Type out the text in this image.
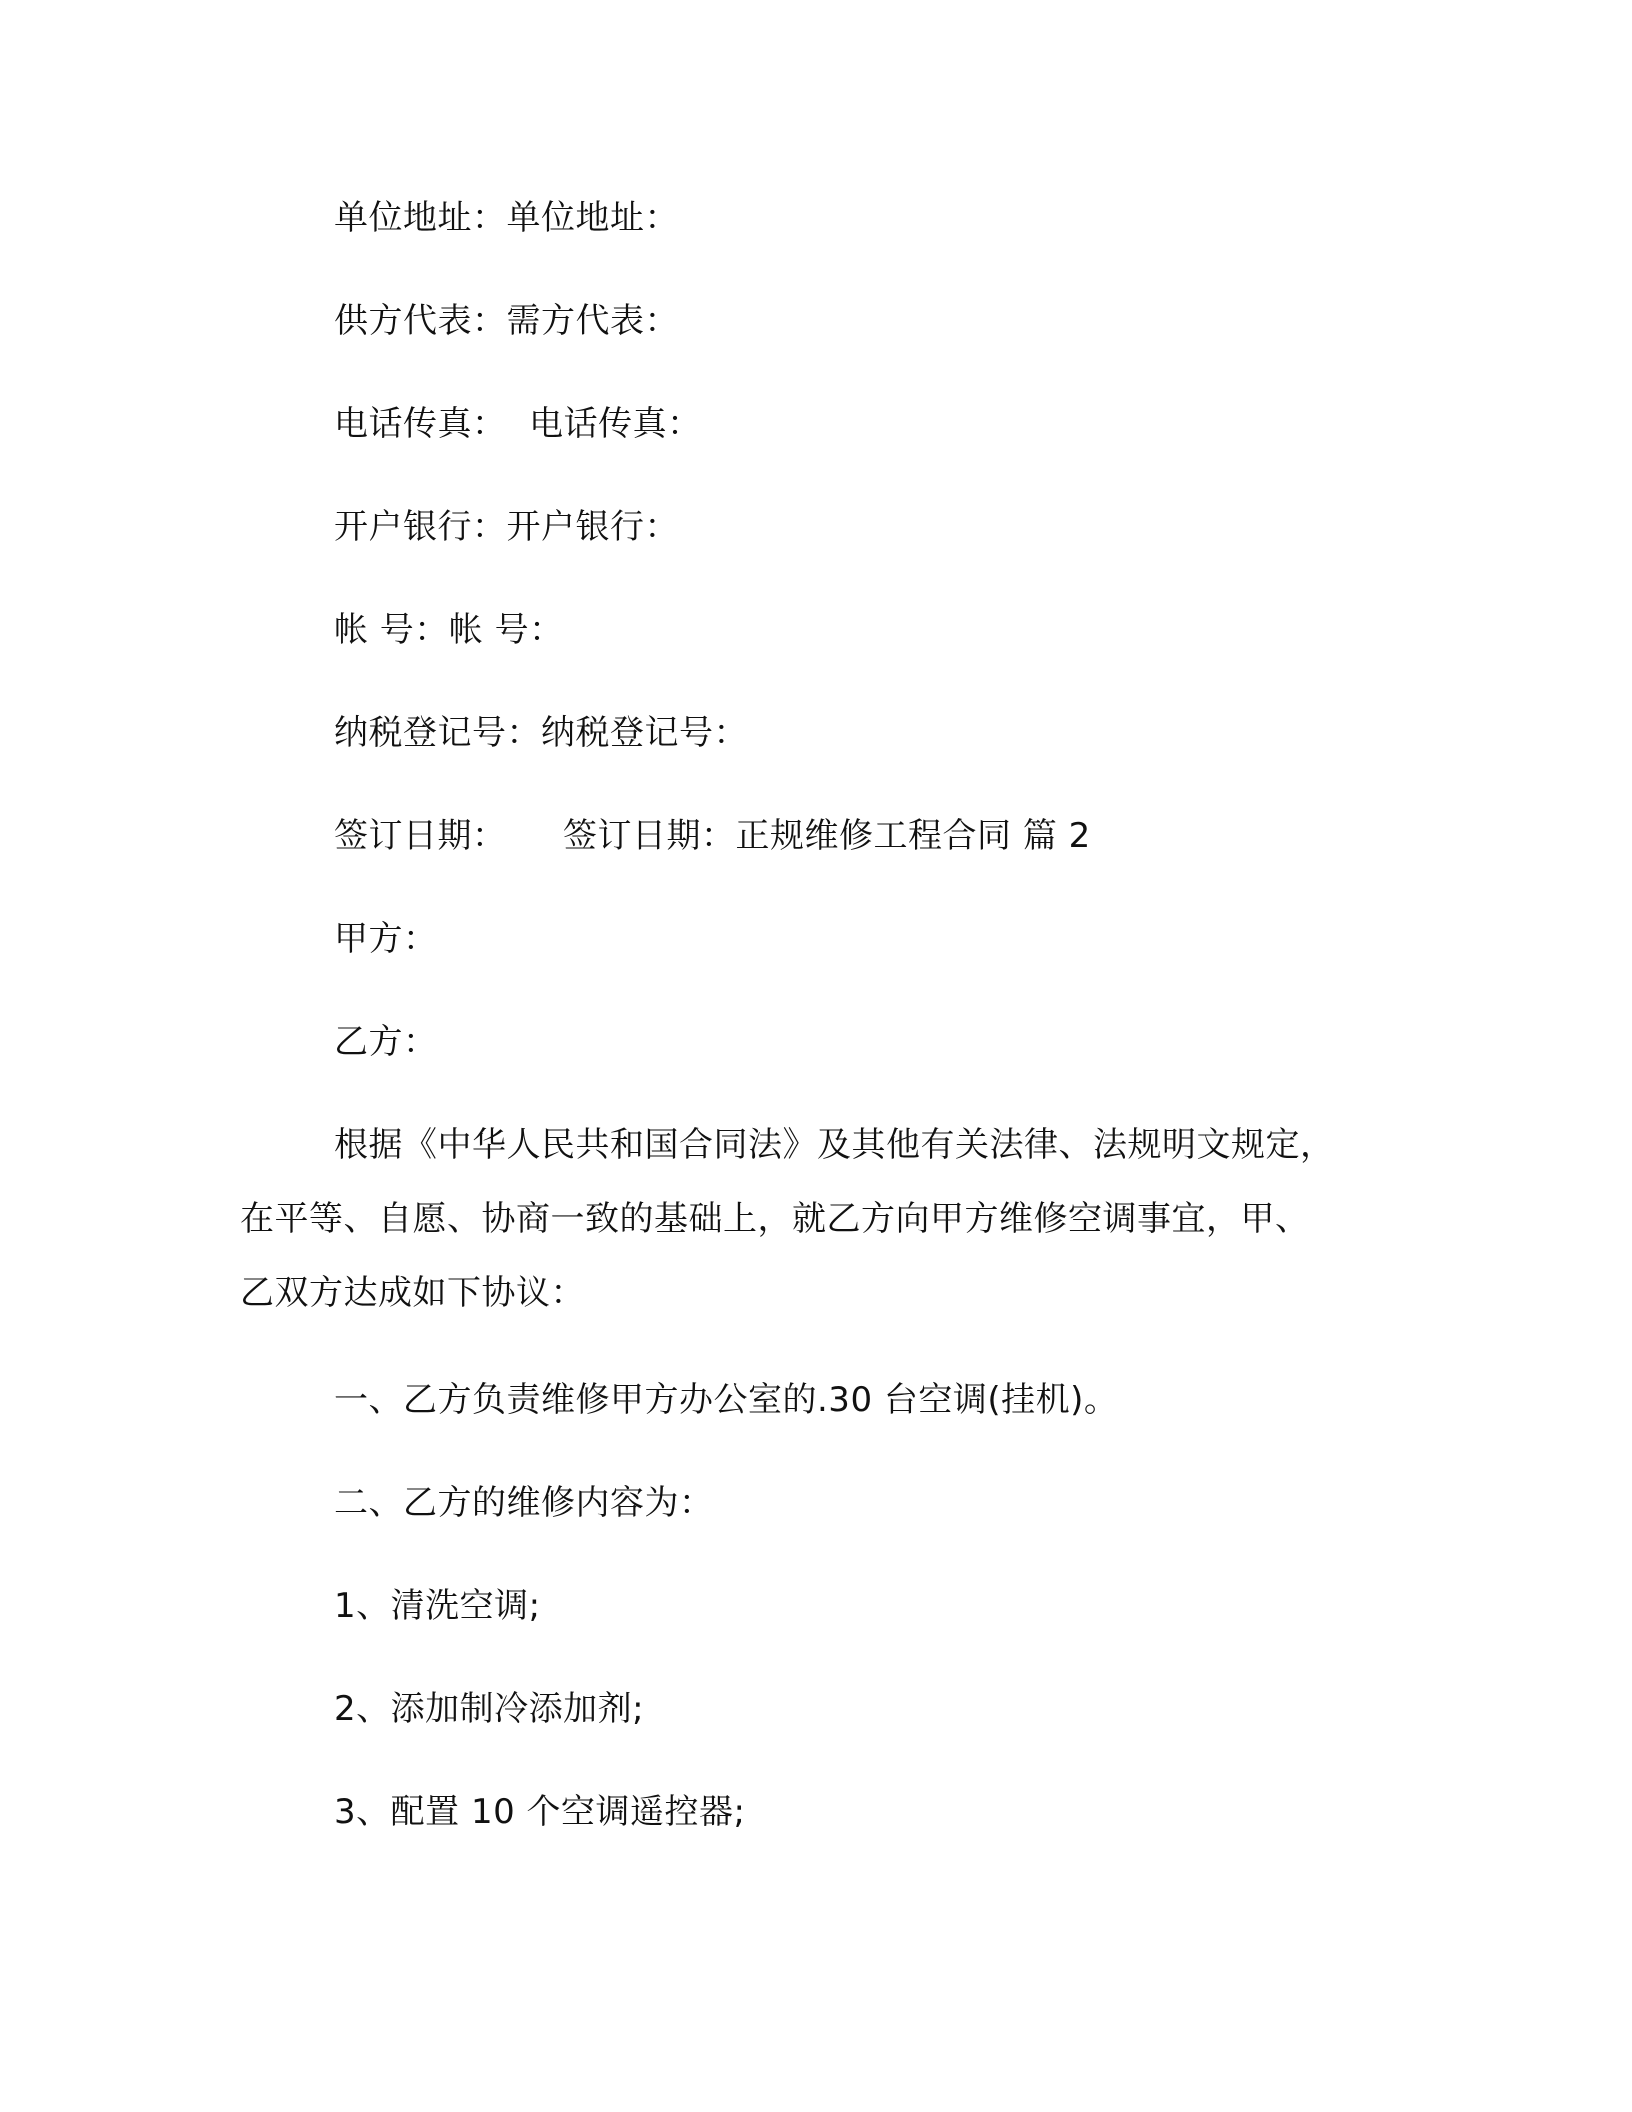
单位地址：单位地址：
供方代表：需方代表：
电话传真：  电话传真：
开户银行：开户银行：
帐 号：帐 号：
纳税登记号：纳税登记号：
签订日期：     签订日期：正规维修工程合同 篇 2
甲方：
乙方：
根据《中华人民共和国合同法》及其他有关法律、法规明文规定，
在平等、自愿、协商一致的基础上，就乙方向甲方维修空调事宜，甲、
乙双方达成如下协议：
一、乙方负责维修甲方办公室的.30 台空调(挂机)。
二、乙方的维修内容为：
1、清洗空调;
2、添加制冷添加剂;
3、配置 10 个空调遥控器;
